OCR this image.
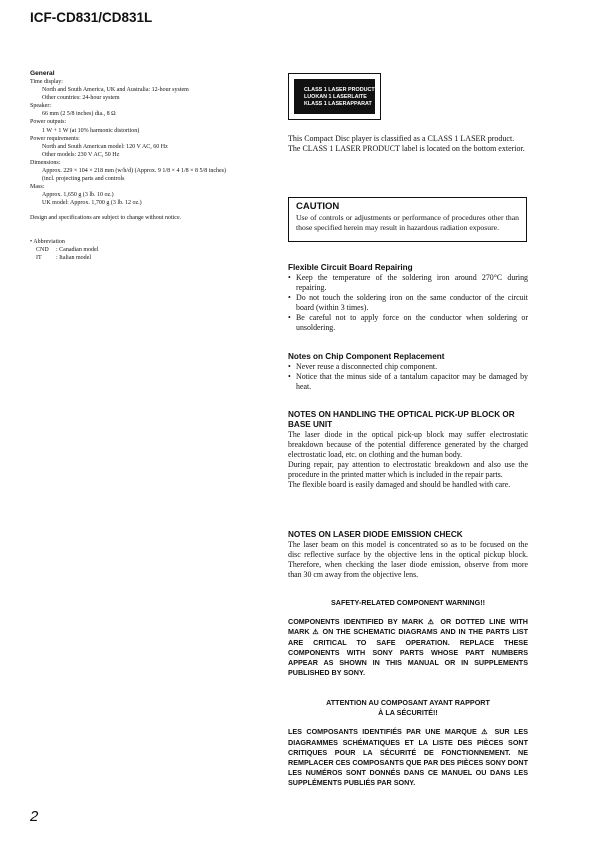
ICF-CD831/CD831L
General
Time display:
North and South America, UK and Australia: 12-hour system
Other countries: 24-hour system
Speaker:
66 mm (2 5/8 inches) dia., 8 Ω
Power outputs:
1 W + 1 W (at 10% harmonic distortion)
Power requirements:
North and South American model: 120 V AC, 60 Hz
Other models: 230 V AC, 50 Hz
Dimensions:
Approx. 229 × 104 × 218 mm (w/h/d) (Approx. 9 1/8 × 4 1/8 × 8 5/8 inches)(incl. projecting parts and controls
Mass:
Approx. 1,650 g (3 lb. 10 oz.)
UK model: Approx. 1,700 g (3 lb. 12 oz.)
Design and specifications are subject to change without notice.
• Abbreviation
CND	: Canadian model
IT	: Italian model
CLASS 1 LASER PRODUCT
LUOKAN 1 LASERLAITE
KLASS 1 LASERAPPARAT
This Compact Disc player is classified as a CLASS 1 LASER product. The CLASS 1 LASER PRODUCT label is located on the bottom exterior.
CAUTION
Use of controls or adjustments or performance of procedures other than those specified herein may result in hazardous radiation exposure.
Flexible Circuit Board Repairing
• Keep the temperature of the soldering iron around 270°C during repairing.
• Do not touch the soldering iron on the same conductor of the circuit board (within 3 times).
• Be careful not to apply force on the conductor when soldering or unsoldering.
Notes on Chip Component Replacement
• Never reuse a disconnected chip component.
• Notice that the minus side of a tantalum capacitor may be damaged by heat.
NOTES ON HANDLING THE OPTICAL PICK-UP BLOCK OR BASE UNIT
The laser diode in the optical pick-up block may suffer electrostatic breakdown because of the potential difference generated by the charged electrostatic load, etc. on clothing and the human body.
During repair, pay attention to electrostatic breakdown and also use the procedure in the printed matter which is included in the repair parts.
The flexible board is easily damaged and should be handled with care.
NOTES ON LASER DIODE EMISSION CHECK
The laser beam on this model is concentrated so as to be focused on the disc reflective surface by the objective lens in the optical pickup block. Therefore, when checking the laser diode emission, observe from more than 30 cm away from the objective lens.
SAFETY-RELATED COMPONENT WARNING!!
COMPONENTS IDENTIFIED BY MARK ⚠ OR DOTTED LINE WITH MARK ⚠ ON THE SCHEMATIC DIAGRAMS AND IN THE PARTS LIST ARE CRITICAL TO SAFE OPERATION. REPLACE THESE COMPONENTS WITH SONY PARTS WHOSE PART NUMBERS APPEAR AS SHOWN IN THIS MANUAL OR IN SUPPLEMENTS PUBLISHED BY SONY.
ATTENTION AU COMPOSANT AYANT RAPPORT
À LA SÉCURITÉ!!
LES COMPOSANTS IDENTIFIÉS PAR UNE MARQUE ⚠ SUR LES DIAGRAMMES SCHÉMATIQUES ET LA LISTE DES PIÈCES SONT CRITIQUES POUR LA SÉCURITÉ DE FONCTIONNEMENT. NE REMPLACER CES COMPOSANTS QUE PAR DES PIÈCES SONY DONT LES NUMÉROS SONT DONNÉS DANS CE MANUEL OU DANS LES SUPPLÉMENTS PUBLIÉS PAR SONY.
2
